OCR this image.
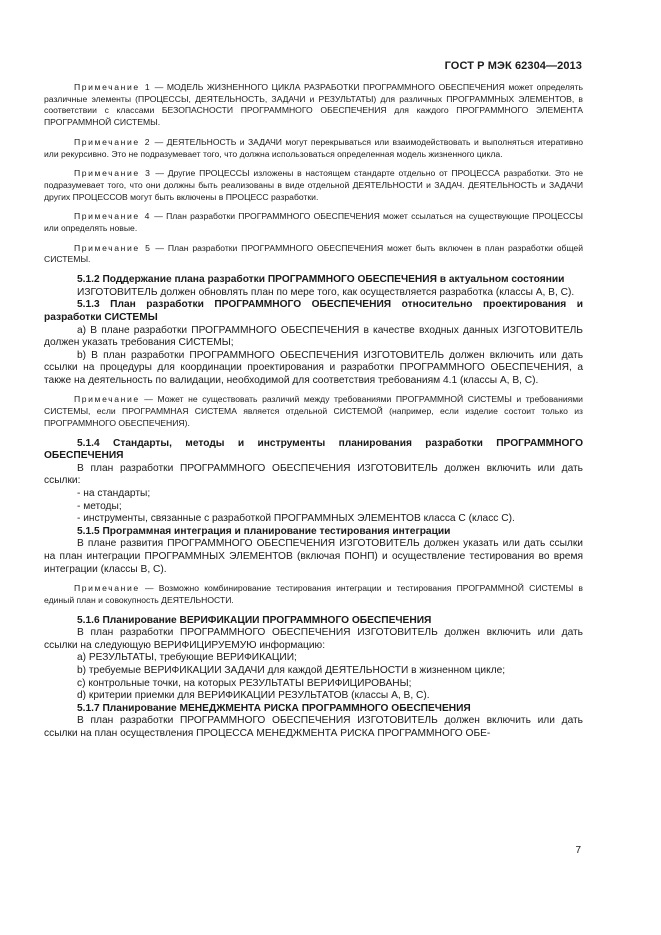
ГОСТ Р МЭК 62304—2013

Примечание 1 — МОДЕЛЬ ЖИЗНЕННОГО ЦИКЛА РАЗРАБОТКИ ПРОГРАММНОГО ОБЕСПЕЧЕНИЯ может определять различные элементы (ПРОЦЕССЫ, ДЕЯТЕЛЬНОСТЬ, ЗАДАЧИ и РЕЗУЛЬТАТЫ) для различных ПРОГРАММНЫХ ЭЛЕМЕНТОВ, в соответствии с классами БЕЗОПАСНОСТИ ПРОГРАММНОГО ОБЕСПЕЧЕНИЯ для каждого ПРОГРАММНОГО ЭЛЕМЕНТА ПРОГРАММНОЙ СИСТЕМЫ.

Примечание 2 — ДЕЯТЕЛЬНОСТЬ и ЗАДАЧИ могут перекрываться или взаимодействовать и выполняться итеративно или рекурсивно. Это не подразумевает того, что должна использоваться определенная модель жизненного цикла.

Примечание 3 — Другие ПРОЦЕССЫ изложены в настоящем стандарте отдельно от ПРОЦЕССА разработки. Это не подразумевает того, что они должны быть реализованы в виде отдельной ДЕЯТЕЛЬНОСТИ и ЗАДАЧ. ДЕЯТЕЛЬНОСТЬ и ЗАДАЧИ других ПРОЦЕССОВ могут быть включены в ПРОЦЕСС разработки.

Примечание 4 — План разработки ПРОГРАММНОГО ОБЕСПЕЧЕНИЯ может ссылаться на существующие ПРОЦЕССЫ или определять новые.

Примечание 5 — План разработки ПРОГРАММНОГО ОБЕСПЕЧЕНИЯ может быть включен в план разработки общей СИСТЕМЫ.

5.1.2 Поддержание плана разработки ПРОГРАММНОГО ОБЕСПЕЧЕНИЯ в актуальном состоянии

ИЗГОТОВИТЕЛЬ должен обновлять план по мере того, как осуществляется разработка (классы A, B, C).

5.1.3 План разработки ПРОГРАММНОГО ОБЕСПЕЧЕНИЯ относительно проектирования и разработки СИСТЕМЫ

а) В плане разработки ПРОГРАММНОГО ОБЕСПЕЧЕНИЯ в качестве входных данных ИЗГОТОВИТЕЛЬ должен указать требования СИСТЕМЫ;

b) В план разработки ПРОГРАММНОГО ОБЕСПЕЧЕНИЯ ИЗГОТОВИТЕЛЬ должен включить или дать ссылки на процедуры для координации проектирования и разработки ПРОГРАММНОГО ОБЕСПЕЧЕНИЯ, а также на деятельность по валидации, необходимой для соответствия требованиям 4.1 (классы A, B, C).

Примечание — Может не существовать различий между требованиями ПРОГРАММНОЙ СИСТЕМЫ и требованиями СИСТЕМЫ, если ПРОГРАММНАЯ СИСТЕМА является отдельной СИСТЕМОЙ (например, если изделие состоит только из ПРОГРАММНОГО ОБЕСПЕЧЕНИЯ).

5.1.4 Стандарты, методы и инструменты планирования разработки ПРОГРАММНОГО ОБЕСПЕЧЕНИЯ

В план разработки ПРОГРАММНОГО ОБЕСПЕЧЕНИЯ ИЗГОТОВИТЕЛЬ должен включить или дать ссылки:

- на стандарты;

- методы;

- инструменты, связанные с разработкой ПРОГРАММНЫХ ЭЛЕМЕНТОВ класса С (класс С).

5.1.5 Программная интеграция и планирование тестирования интеграции

В плане развития ПРОГРАММНОГО ОБЕСПЕЧЕНИЯ ИЗГОТОВИТЕЛЬ должен указать или дать ссылки на план интеграции ПРОГРАММНЫХ ЭЛЕМЕНТОВ (включая ПОНП) и осуществление тестирования во время интеграции (классы B, C).

Примечание — Возможно комбинирование тестирования интеграции и тестирования ПРОГРАММНОЙ СИСТЕМЫ в единый план и совокупность ДЕЯТЕЛЬНОСТИ.

5.1.6 Планирование ВЕРИФИКАЦИИ ПРОГРАММНОГО ОБЕСПЕЧЕНИЯ

В план разработки ПРОГРАММНОГО ОБЕСПЕЧЕНИЯ ИЗГОТОВИТЕЛЬ должен включить или дать ссылки на следующую ВЕРИФИЦИРУЕМУЮ информацию:

a) РЕЗУЛЬТАТЫ, требующие ВЕРИФИКАЦИИ;

b) требуемые ВЕРИФИКАЦИИ ЗАДАЧИ для каждой ДЕЯТЕЛЬНОСТИ в жизненном цикле;

c) контрольные точки, на которых РЕЗУЛЬТАТЫ ВЕРИФИЦИРОВАНЫ;

d) критерии приемки для ВЕРИФИКАЦИИ РЕЗУЛЬТАТОВ (классы A, B, C).

5.1.7 Планирование МЕНЕДЖМЕНТА РИСКА ПРОГРАММНОГО ОБЕСПЕЧЕНИЯ

В план разработки ПРОГРАММНОГО ОБЕСПЕЧЕНИЯ ИЗГОТОВИТЕЛЬ должен включить или дать ссылки на план осуществления ПРОЦЕССА МЕНЕДЖМЕНТА РИСКА ПРОГРАММНОГО ОБЕ-

7
